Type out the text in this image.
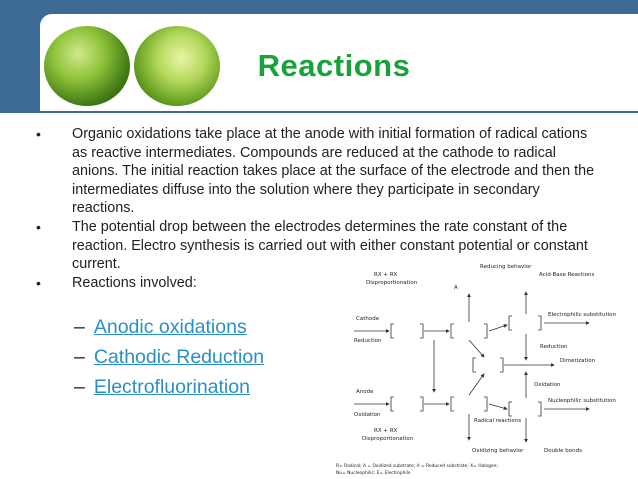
Reactions
• Organic oxidations take place at the anode with initial formation of radical cations as reactive intermediates. Compounds are reduced at the cathode to radical anions. The initial reaction takes place at the surface of the electrode and then the intermediates diffuse into the solution where they participate in secondary reactions.
• The potential drop between the electrodes determines the rate constant of the reaction. Electro synthesis is carried out with either constant potential or constant current.
• Reactions involved:
– Anodic oxidations
– Cathodic Reduction
– Electrofluorination
Reducing behavior
RX + RX
Disproportionation
Acid-Base Reactions
A
Cathode
Reduction
Anode
Oxidation
Electrophilic substitution
Reduction
Dimerization
Oxidation
Nucleophilic substitution
Radical reactions
RX + RX
Disproportionation
Oxidizing behavior	Double bonds
R= Radical; A = Oxidized substrate; A = Reduced substrate; X= Halogen;
Nu= Nucleophilic; E= Electrophile
